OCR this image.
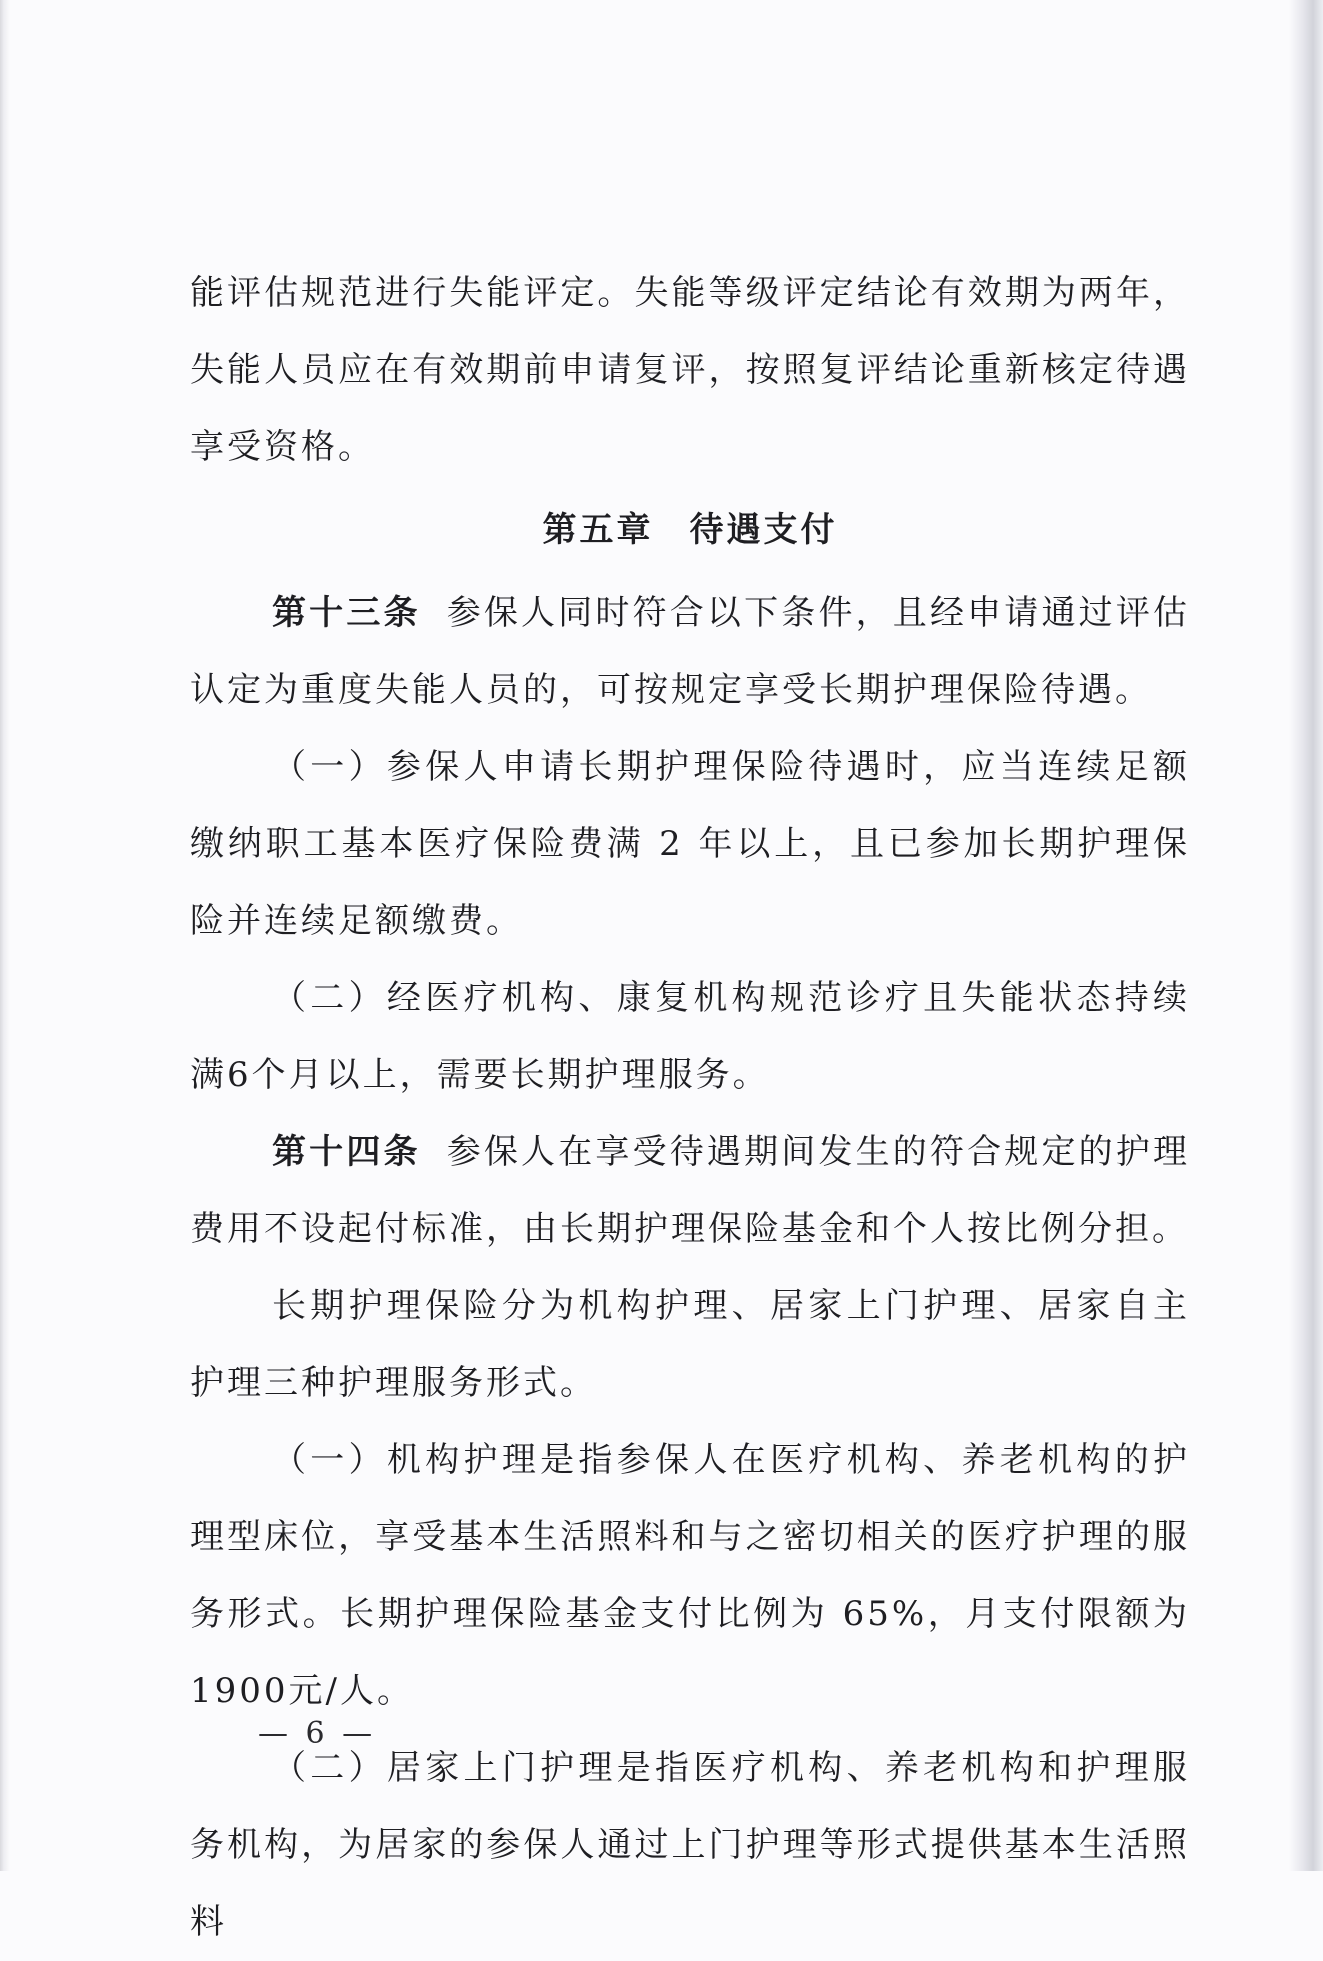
能评估规范进行失能评定。失能等级评定结论有效期为两年，失能人员应在有效期前申请复评，按照复评结论重新核定待遇享受资格。

第五章 待遇支付

第十三条 参保人同时符合以下条件，且经申请通过评估认定为重度失能人员的，可按规定享受长期护理保险待遇。

（一）参保人申请长期护理保险待遇时，应当连续足额缴纳职工基本医疗保险费满 2 年以上，且已参加长期护理保险并连续足额缴费。

（二）经医疗机构、康复机构规范诊疗且失能状态持续满6个月以上，需要长期护理服务。

第十四条 参保人在享受待遇期间发生的符合规定的护理费用不设起付标准，由长期护理保险基金和个人按比例分担。

长期护理保险分为机构护理、居家上门护理、居家自主护理三种护理服务形式。

（一）机构护理是指参保人在医疗机构、养老机构的护理型床位，享受基本生活照料和与之密切相关的医疗护理的服务形式。长期护理保险基金支付比例为 65%，月支付限额为 1900元/人。

（二）居家上门护理是指医疗机构、养老机构和护理服务机构，为居家的参保人通过上门护理等形式提供基本生活照料

— 6 —
